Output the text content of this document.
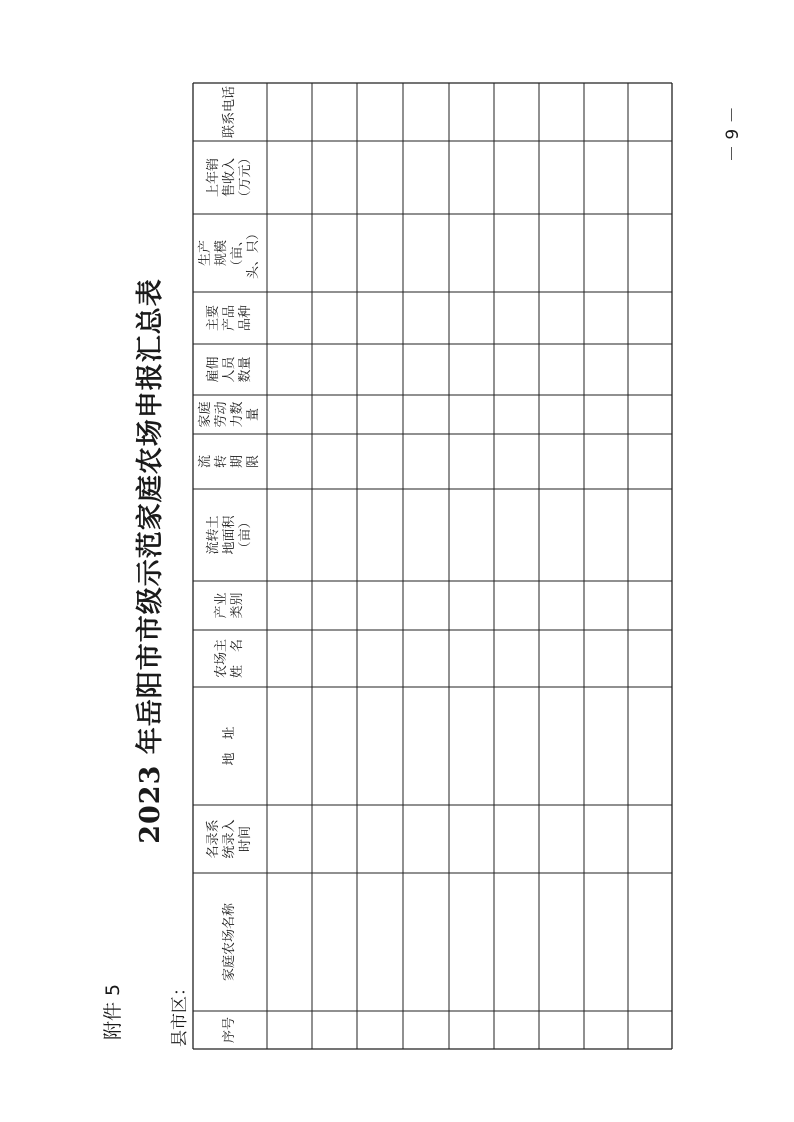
附件 5
2023 年岳阳市市级示范家庭农场申报汇总表
县市区：	序号
家庭农场名称
名录系
统录入
时间
地　址
农场主
姓　名
产业
类别
流转土
地面积
（亩）
流
转
期
限
家庭
劳动
力数
量
雇佣
人员
数量
主要
产品
品种
生产
规模
（亩、
头、只）
上年销
售收入
（万元）
联系电话	－ 9 －
